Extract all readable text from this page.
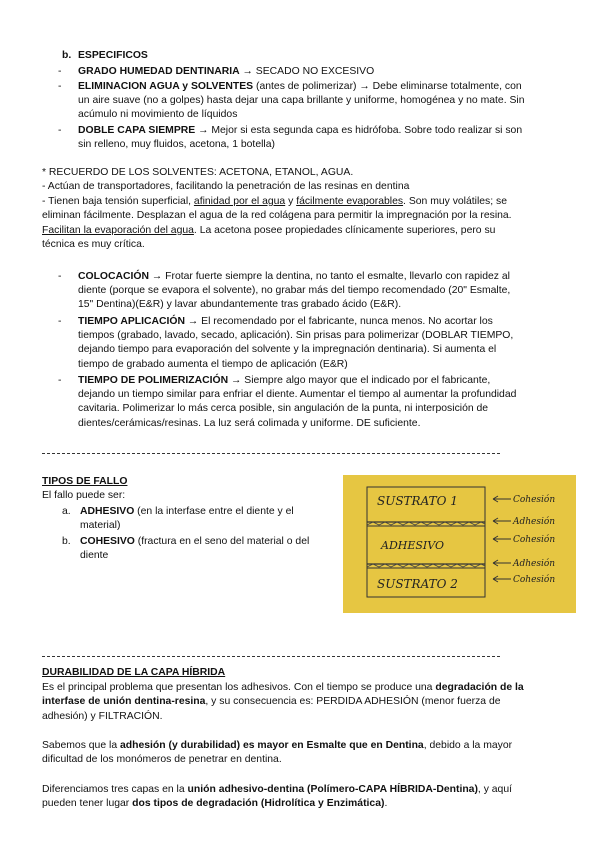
b. ESPECIFICOS
- GRADO HUMEDAD DENTINARIA → SECADO NO EXCESIVO
- ELIMINACION AGUA y SOLVENTES (antes de polimerizar) → Debe eliminarse totalmente, con
un aire suave (no a golpes) hasta dejar una capa brillante y uniforme, homogénea y no mate. Sin
acúmulo ni movimiento de líquidos
- DOBLE CAPA SIEMPRE → Mejor si esta segunda capa es hidrófoba. Sobre todo realizar si son
sin relleno, muy fluidos, acetona, 1 botella)
* RECUERDO DE LOS SOLVENTES: ACETONA, ETANOL, AGUA.
- Actúan de transportadores, facilitando la penetración de las resinas en dentina
- Tienen baja tensión superficial, afinidad por el agua y fácilmente evaporables. Son muy volátiles; se
eliminan fácilmente. Desplazan el agua de la red colágena para permitir la impregnación por la resina.
Facilitan la evaporación del agua. La acetona posee propiedades clínicamente superiores, pero su
técnica es muy crítica.
- COLOCACIÓN → Frotar fuerte siempre la dentina, no tanto el esmalte, llevarlo con rapidez al
diente (porque se evapora el solvente), no grabar más del tiempo recomendado (20" Esmalte,
15" Dentina)(E&R) y lavar abundantemente tras grabado ácido (E&R).
- TIEMPO APLICACIÓN → El recomendado por el fabricante, nunca menos. No acortar los
tiempos (grabado, lavado, secado, aplicación). Sin prisas para polimerizar (DOBLAR TIEMPO,
dejando tiempo para evaporación del solvente y la impregnación dentinaria). Si aumenta el
tiempo de grabado aumenta el tiempo de aplicación (E&R)
- TIEMPO DE POLIMERIZACIÓN → Siempre algo mayor que el indicado por el fabricante,
dejando un tiempo similar para enfriar el diente. Aumentar el tiempo al aumentar la profundidad
cavitaria. Polimerizar lo más cerca posible, sin angulación de la punta, ni interposición de
dientes/cerámicas/resinas. La luz será colimada y uniforme. DE suficiente.
TIPOS DE FALLO
El fallo puede ser:
a. ADHESIVO (en la interfase entre el diente y el
material)
b. COHESIVO (fractura en el seno del material o del
diente
SUSTRATO 1
ADHESIVO
SUSTRATO 2
Cohesión
Adhesión
Cohesión
Adhesión
Cohesión
DURABILIDAD DE LA CAPA HÍBRIDA
Es el principal problema que presentan los adhesivos. Con el tiempo se produce una degradación de la
interfase de unión dentina-resina, y su consecuencia es: PERDIDA ADHESIÓN (menor fuerza de
adhesión) y FILTRACIÓN.
Sabemos que la adhesión (y durabilidad) es mayor en Esmalte que en Dentina, debido a la mayor
dificultad de los monómeros de penetrar en dentina.
Diferenciamos tres capas en la unión adhesivo-dentina (Polímero-CAPA HÍBRIDA-Dentina), y aquí
pueden tener lugar dos tipos de degradación (Hidrolítica y Enzimática).
